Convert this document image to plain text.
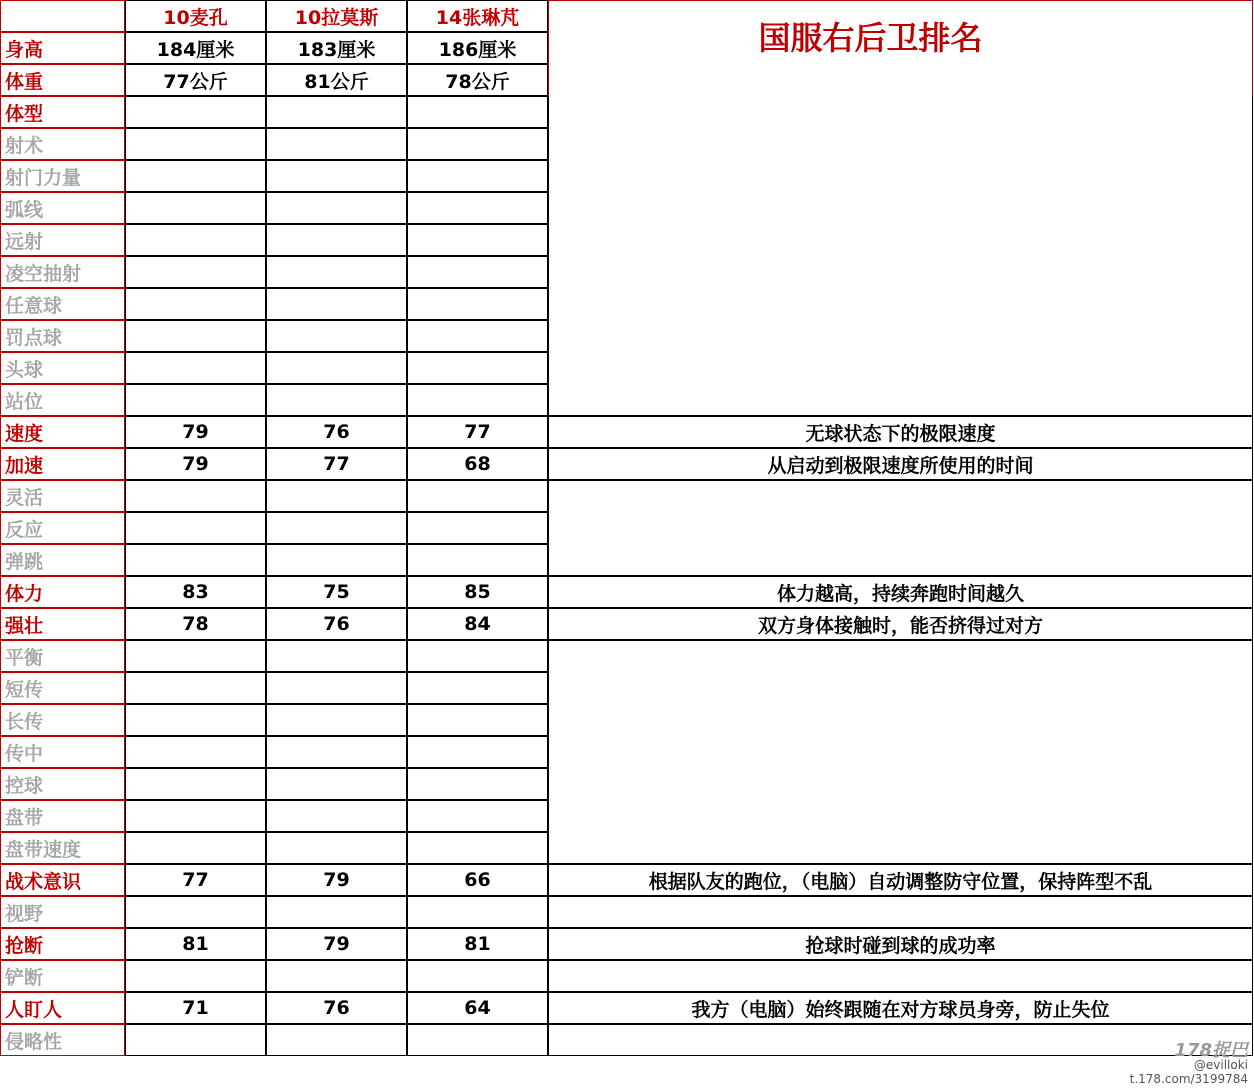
	10麦孔	10拉莫斯	14张琳芃	国服右后卫排名

身高	184厘米	183厘米	186厘米	
体重	77公斤	81公斤	78公斤	
体型				
射术				
射门力量				
弧线				
远射				
凌空抽射				
任意球				
罚点球				
头球				
站位				
速度	79	76	77	无球状态下的极限速度
加速	79	77	68	从启动到极限速度所使用的时间
灵活				
反应				
弹跳				
体力	83	75	85	体力越高，持续奔跑时间越久
强壮	78	76	84	双方身体接触时，能否挤得过对方
平衡				
短传				
长传				
传中				
控球				
盘带				
盘带速度				
战术意识	77	79	66	根据队友的跑位，（电脑）自动调整防守位置，保持阵型不乱
视野				
抢断	81	79	81	抢球时碰到球的成功率
铲断				
人盯人	71	76	64	我方（电脑）始终跟随在对方球员身旁，防止失位
侵略性					178捉巴
@evilloki
t.178.com/3199784
